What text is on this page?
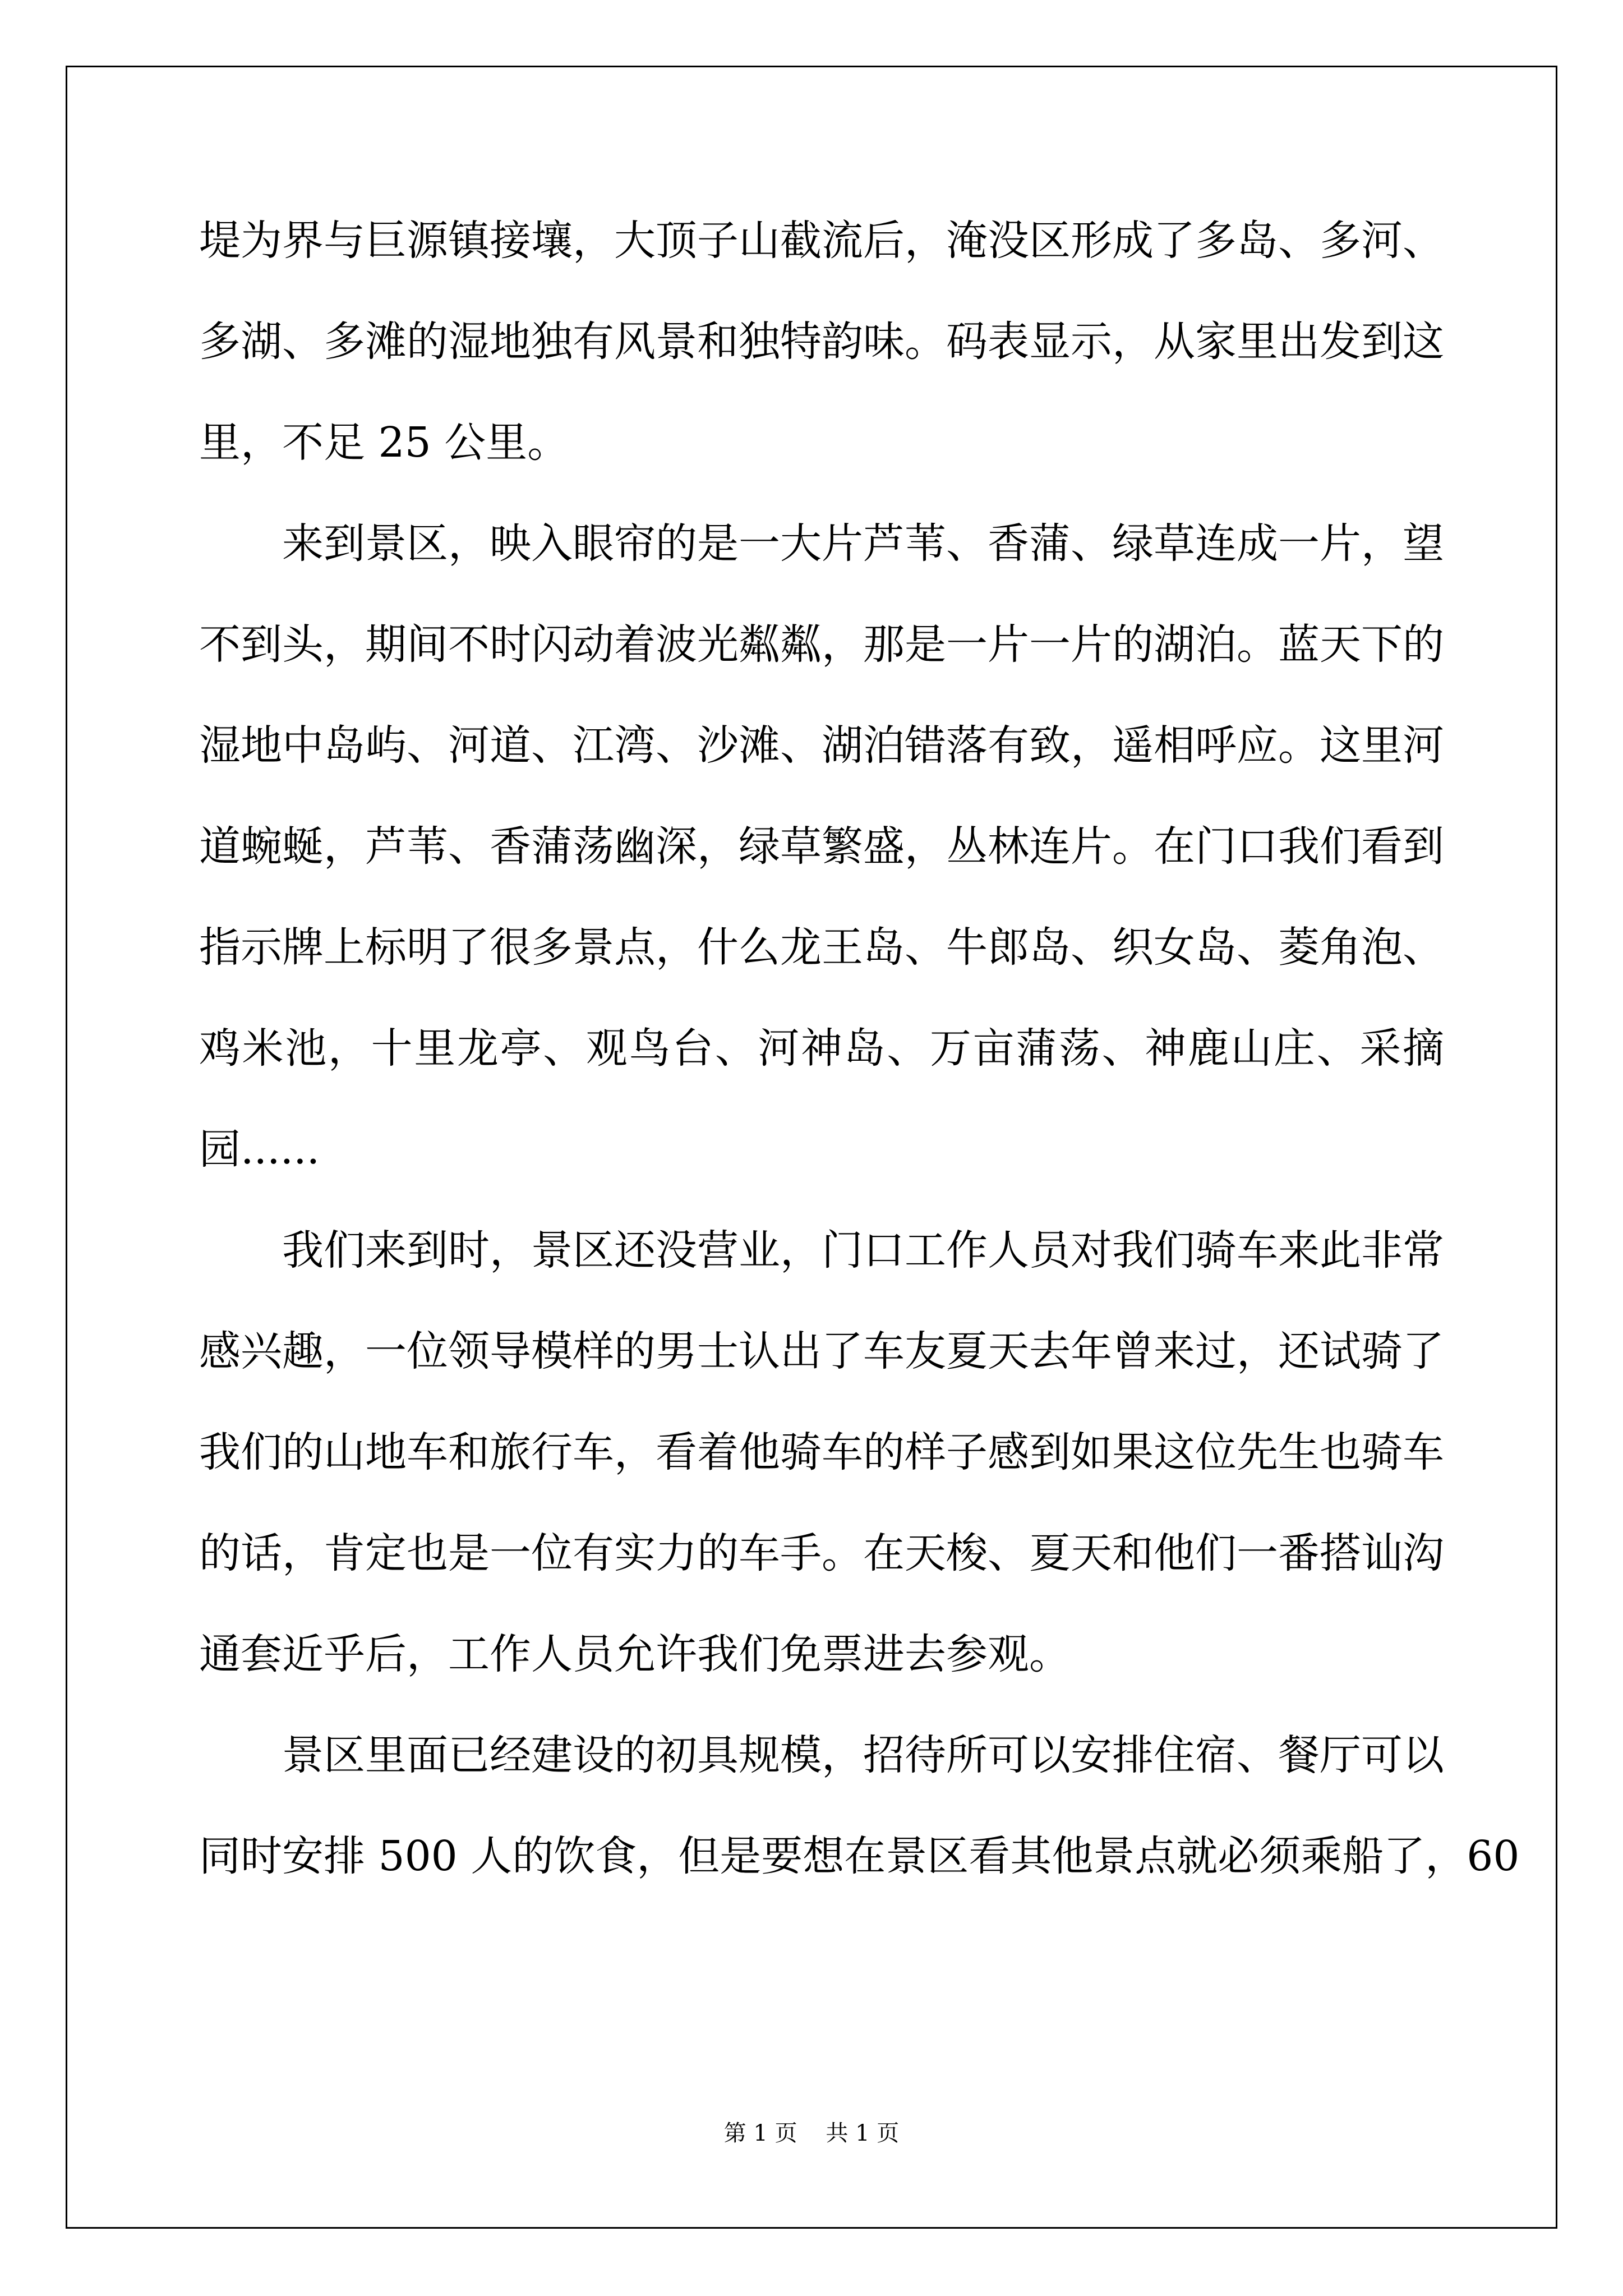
堤为界与巨源镇接壤，大顶子山截流后，淹没区形成了多岛、多河、

多湖、多滩的湿地独有风景和独特韵味。码表显示，从家里出发到这

里，不足 25 公里。

来到景区，映入眼帘的是一大片芦苇、香蒲、绿草连成一片，望

不到头，期间不时闪动着波光粼粼，那是一片一片的湖泊。蓝天下的

湿地中岛屿、河道、江湾、沙滩、湖泊错落有致，遥相呼应。这里河

道蜿蜒，芦苇、香蒲荡幽深，绿草繁盛，丛林连片。在门口我们看到

指示牌上标明了很多景点，什么龙王岛、牛郎岛、织女岛、菱角泡、

鸡米池，十里龙亭、观鸟台、河神岛、万亩蒲荡、神鹿山庄、采摘

园......

我们来到时，景区还没营业，门口工作人员对我们骑车来此非常

感兴趣，一位领导模样的男士认出了车友夏天去年曾来过，还试骑了

我们的山地车和旅行车，看着他骑车的样子感到如果这位先生也骑车

的话，肯定也是一位有实力的车手。在天梭、夏天和他们一番搭讪沟

通套近乎后，工作人员允许我们免票进去参观。

景区里面已经建设的初具规模，招待所可以安排住宿、餐厅可以

同时安排 500 人的饮食，但是要想在景区看其他景点就必须乘船了，60

第 1 页    共 1 页
